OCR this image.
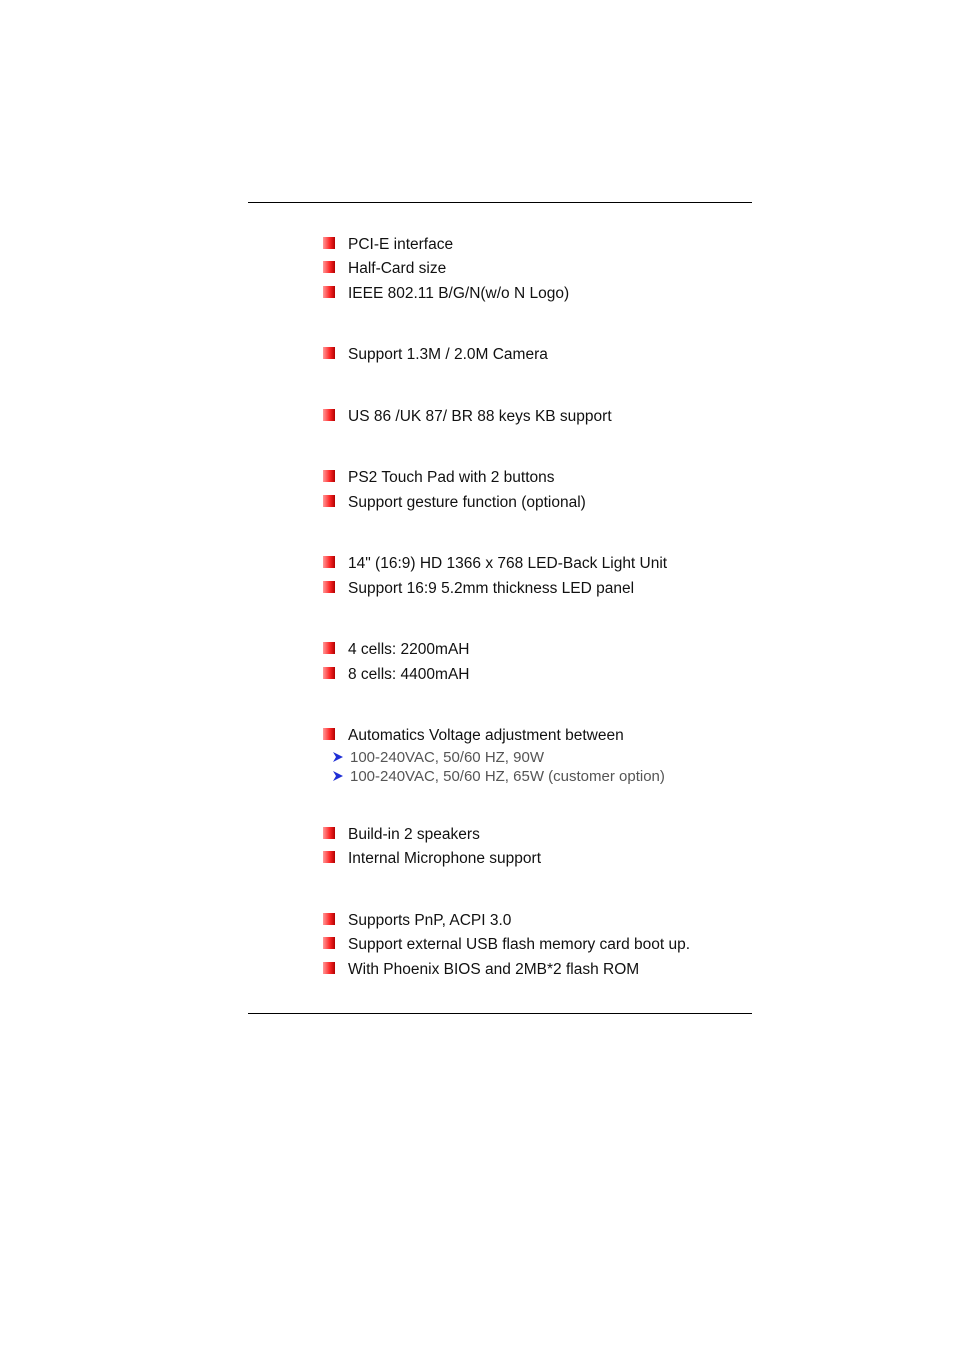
PCI-E interface
Half-Card size
IEEE 802.11 B/G/N(w/o N Logo)
Support 1.3M / 2.0M Camera
US 86 /UK 87/ BR 88 keys KB support
PS2 Touch Pad with 2 buttons
Support gesture function (optional)
14" (16:9) HD 1366 x 768 LED-Back Light Unit
Support 16:9 5.2mm thickness LED panel
4 cells: 2200mAH
8 cells: 4400mAH
Automatics Voltage adjustment between
100-240VAC, 50/60 HZ, 90W
100-240VAC, 50/60 HZ, 65W (customer option)
Build-in 2 speakers
Internal Microphone support
Supports PnP, ACPI 3.0
Support external USB flash memory card boot up.
With Phoenix BIOS and 2MB*2 flash ROM
